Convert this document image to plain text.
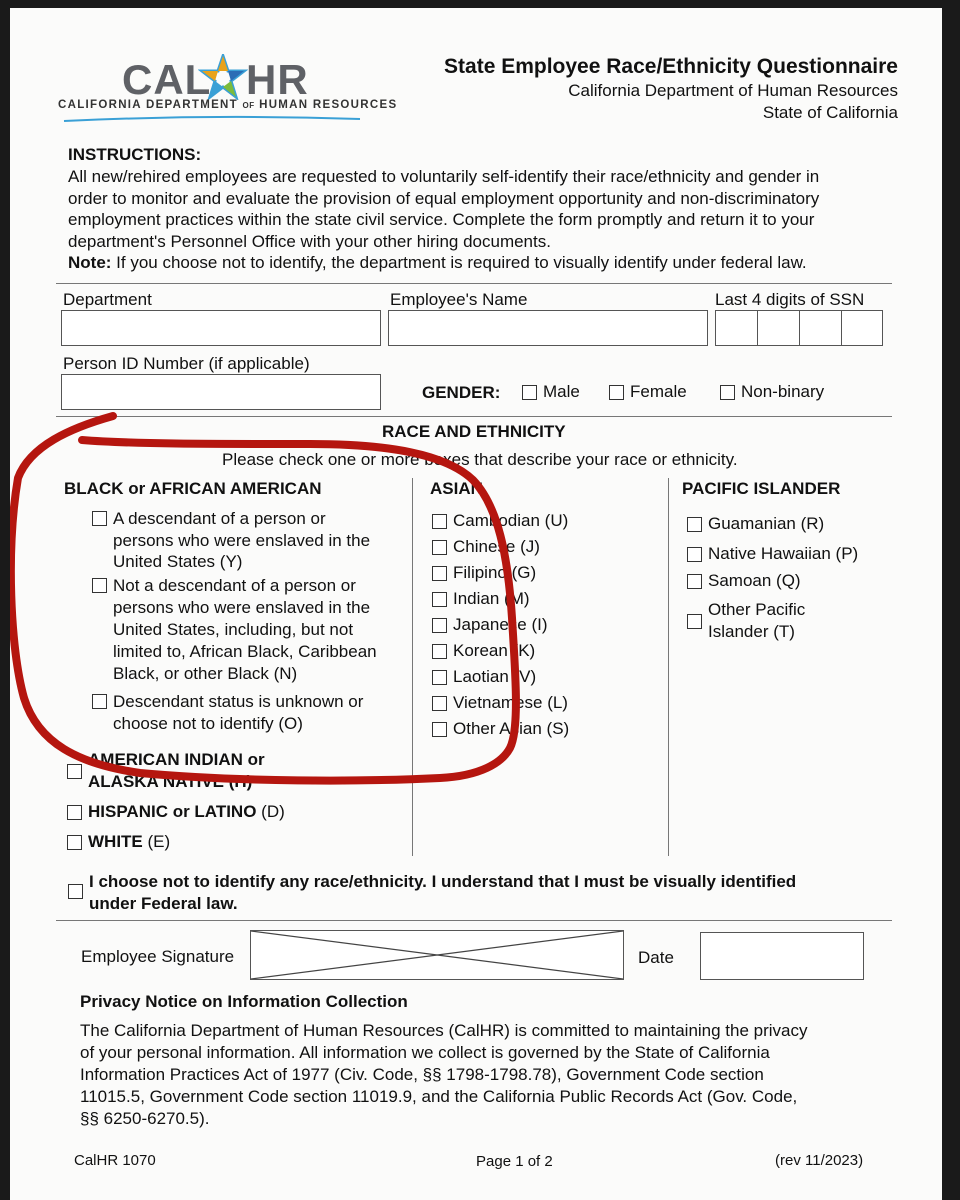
CAL HR
CALIFORNIA DEPARTMENT OF HUMAN RESOURCES
State Employee Race/Ethnicity Questionnaire
California Department of Human Resources
State of California
INSTRUCTIONS:
All new/rehired employees are requested to voluntarily self-identify their race/ethnicity and gender in
order to monitor and evaluate the provision of equal employment opportunity and non-discriminatory
employment practices within the state civil service. Complete the form promptly and return it to your
department's Personnel Office with your other hiring documents.
Note: If you choose not to identify, the department is required to visually identify under federal law.
Department	Employee's Name	Last 4 digits of SSN
Person ID Number (if applicable)
GENDER:	Male	Female	Non-binary
RACE AND ETHNICITY
Please check one or more boxes that describe your race or ethnicity.
BLACK or AFRICAN AMERICAN
A descendant of a person or
persons who were enslaved in the
United States (Y)
Not a descendant of a person or
persons who were enslaved in the
United States, including, but not
limited to, African Black, Caribbean
Black, or other Black (N)
Descendant status is unknown or
choose not to identify (O)
AMERICAN INDIAN or
ALASKA NATIVE (H)
HISPANIC or LATINO (D)
WHITE (E)
ASIAN
Cambodian (U)
Chinese (J)
Filipino (G)
Indian (M)
Japanese (I)
Korean (K)
Laotian (V)
Vietnamese (L)
Other Asian (S)
PACIFIC ISLANDER
Guamanian (R)
Native Hawaiian (P)
Samoan (Q)
Other Pacific
Islander (T)
I choose not to identify any race/ethnicity. I understand that I must be visually identified
under Federal law.
Employee Signature	Date
Privacy Notice on Information Collection
The California Department of Human Resources (CalHR) is committed to maintaining the privacy
of your personal information. All information we collect is governed by the State of California
Information Practices Act of 1977 (Civ. Code, §§ 1798-1798.78), Government Code section
11015.5, Government Code section 11019.9, and the California Public Records Act (Gov. Code,
§§ 6250-6270.5).
CalHR 1070	Page 1 of 2	(rev 11/2023)
